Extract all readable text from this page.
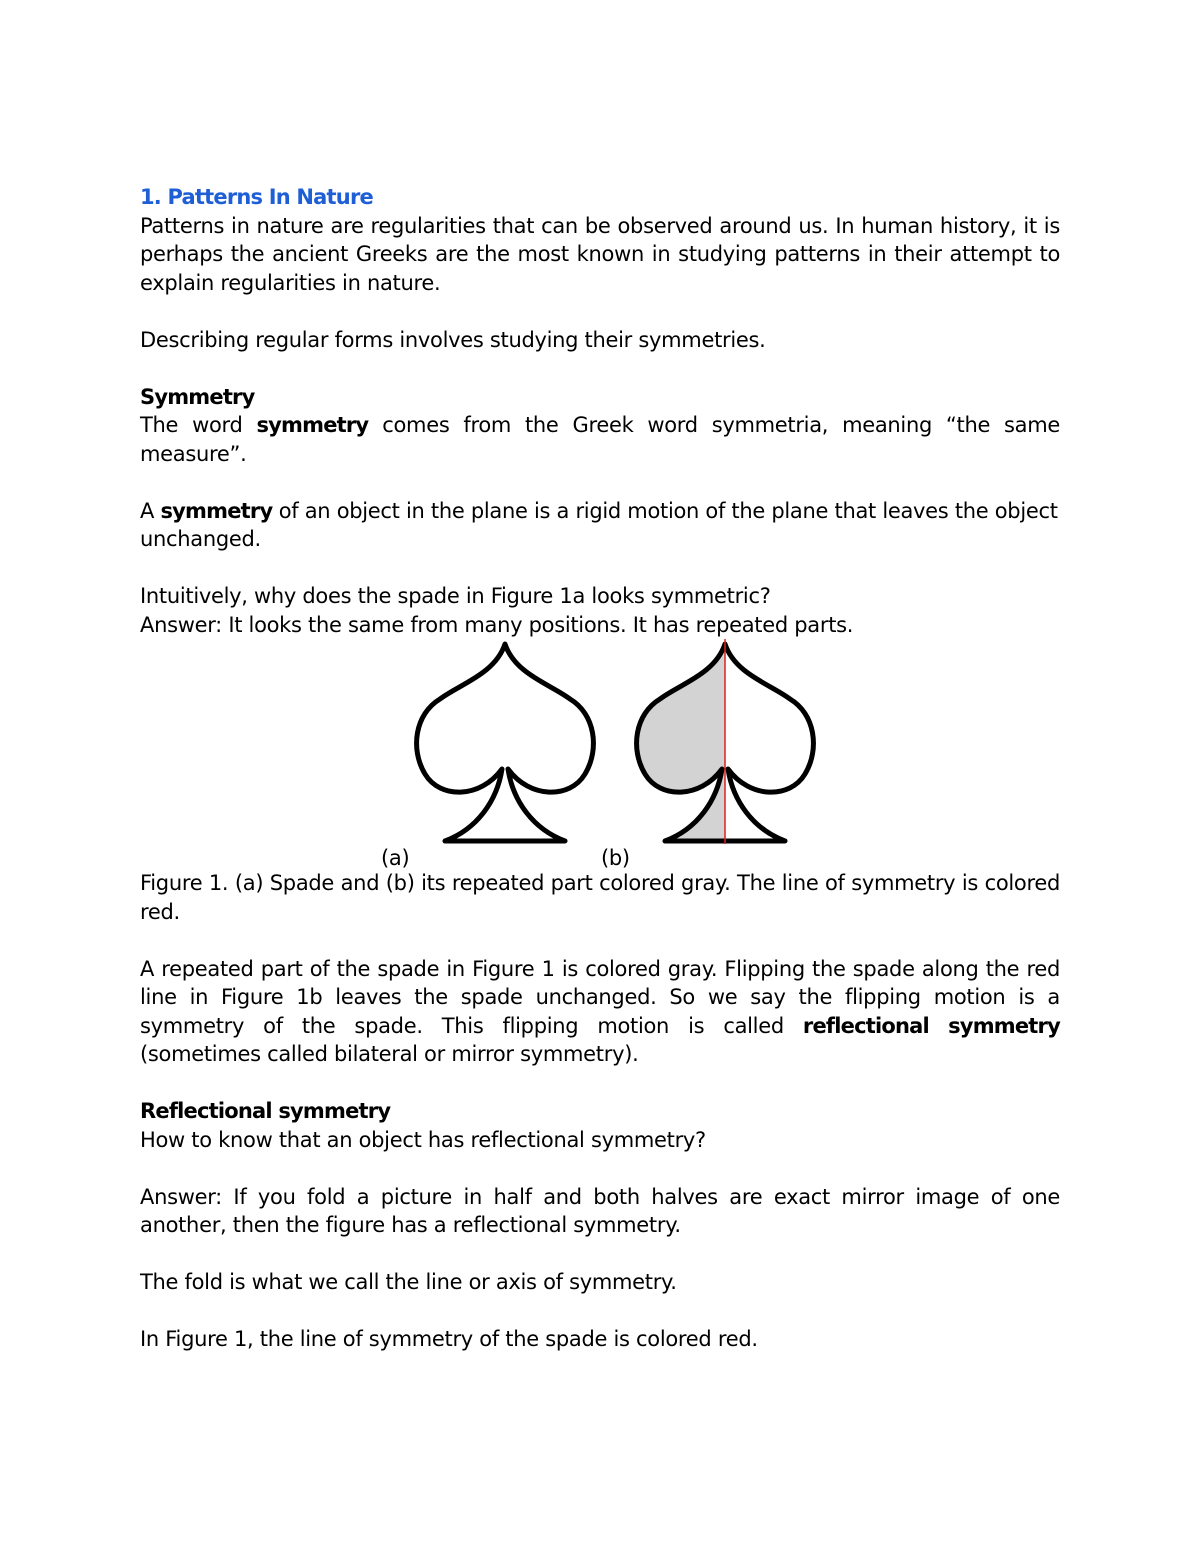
1. Patterns In Nature

Patterns in nature are regularities that can be observed around us. In human history, it is perhaps the ancient Greeks are the most known in studying patterns in their attempt to explain regularities in nature.

Describing regular forms involves studying their symmetries.

Symmetry

The word symmetry comes from the Greek word symmetria, meaning “the same measure”.

A symmetry of an object in the plane is a rigid motion of the plane that leaves the object unchanged.

Intuitively, why does the spade in Figure 1a looks symmetric?

Answer: It looks the same from many positions. It has repeated parts.

(a)	(b)

Figure 1. (a) Spade and (b) its repeated part colored gray. The line of symmetry is colored red.

A repeated part of the spade in Figure 1 is colored gray. Flipping the spade along the red line in Figure 1b leaves the spade unchanged. So we say the flipping motion is a symmetry of the spade. This flipping motion is called reflectional symmetry (sometimes called bilateral or mirror symmetry).

Reflectional symmetry

How to know that an object has reflectional symmetry?

Answer: If you fold a picture in half and both halves are exact mirror image of one another, then the figure has a reflectional symmetry.

The fold is what we call the line or axis of symmetry.

In Figure 1, the line of symmetry of the spade is colored red.
